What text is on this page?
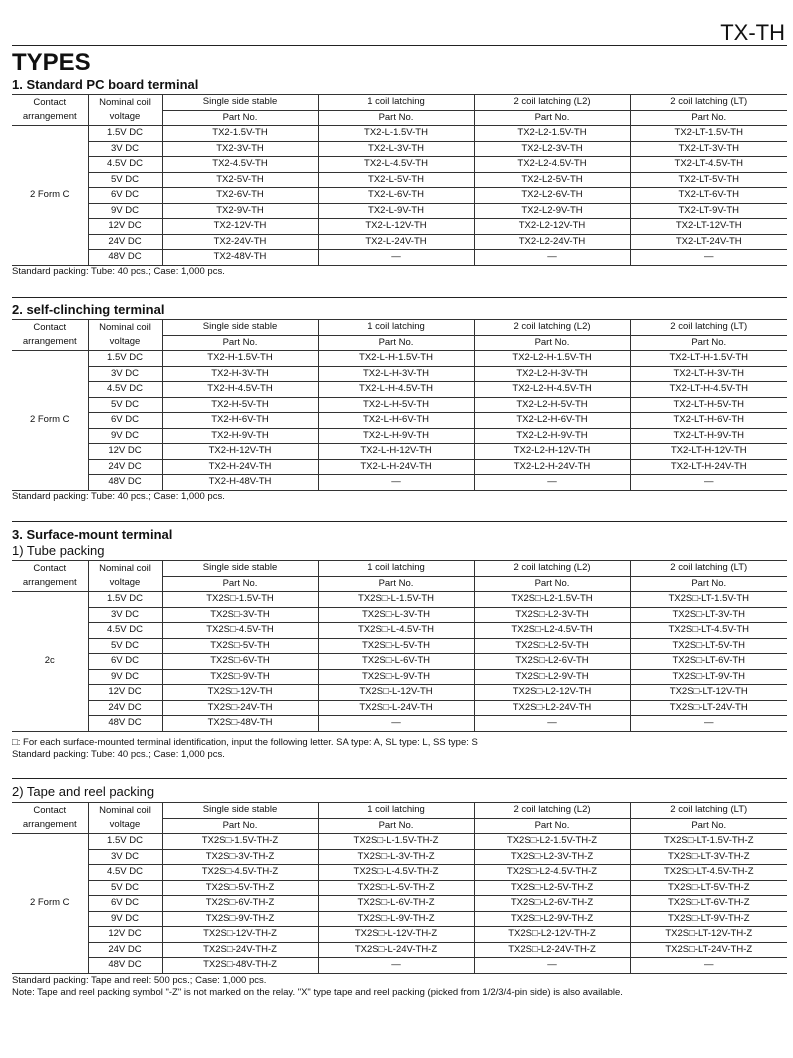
TX-TH
TYPES
1. Standard PC board terminal
Contact arrangement	Nominal coil voltage	Single side stable	1 coil latching	2 coil latching (L2)	2 coil latching (LT)
		Part No.	Part No.	Part No.	Part No.
2 Form C	1.5V DC	TX2-1.5V-TH	TX2-L-1.5V-TH	TX2-L2-1.5V-TH	TX2-LT-1.5V-TH
	3V DC	TX2-3V-TH	TX2-L-3V-TH	TX2-L2-3V-TH	TX2-LT-3V-TH
	4.5V DC	TX2-4.5V-TH	TX2-L-4.5V-TH	TX2-L2-4.5V-TH	TX2-LT-4.5V-TH
	5V DC	TX2-5V-TH	TX2-L-5V-TH	TX2-L2-5V-TH	TX2-LT-5V-TH
	6V DC	TX2-6V-TH	TX2-L-6V-TH	TX2-L2-6V-TH	TX2-LT-6V-TH
	9V DC	TX2-9V-TH	TX2-L-9V-TH	TX2-L2-9V-TH	TX2-LT-9V-TH
	12V DC	TX2-12V-TH	TX2-L-12V-TH	TX2-L2-12V-TH	TX2-LT-12V-TH
	24V DC	TX2-24V-TH	TX2-L-24V-TH	TX2-L2-24V-TH	TX2-LT-24V-TH
	48V DC	TX2-48V-TH	—	—	—
Standard packing: Tube: 40 pcs.; Case: 1,000 pcs.
2. self-clinching terminal
Contact arrangement	Nominal coil voltage	Single side stable	1 coil latching	2 coil latching (L2)	2 coil latching (LT)
		Part No.	Part No.	Part No.	Part No.
2 Form C	1.5V DC	TX2-H-1.5V-TH	TX2-L-H-1.5V-TH	TX2-L2-H-1.5V-TH	TX2-LT-H-1.5V-TH
	3V DC	TX2-H-3V-TH	TX2-L-H-3V-TH	TX2-L2-H-3V-TH	TX2-LT-H-3V-TH
	4.5V DC	TX2-H-4.5V-TH	TX2-L-H-4.5V-TH	TX2-L2-H-4.5V-TH	TX2-LT-H-4.5V-TH
	5V DC	TX2-H-5V-TH	TX2-L-H-5V-TH	TX2-L2-H-5V-TH	TX2-LT-H-5V-TH
	6V DC	TX2-H-6V-TH	TX2-L-H-6V-TH	TX2-L2-H-6V-TH	TX2-LT-H-6V-TH
	9V DC	TX2-H-9V-TH	TX2-L-H-9V-TH	TX2-L2-H-9V-TH	TX2-LT-H-9V-TH
	12V DC	TX2-H-12V-TH	TX2-L-H-12V-TH	TX2-L2-H-12V-TH	TX2-LT-H-12V-TH
	24V DC	TX2-H-24V-TH	TX2-L-H-24V-TH	TX2-L2-H-24V-TH	TX2-LT-H-24V-TH
	48V DC	TX2-H-48V-TH	—	—	—
Standard packing: Tube: 40 pcs.; Case: 1,000 pcs.
3. Surface-mount terminal
1) Tube packing
Contact arrangement	Nominal coil voltage	Single side stable	1 coil latching	2 coil latching (L2)	2 coil latching (LT)
		Part No.	Part No.	Part No.	Part No.
2c	1.5V DC	TX2S□-1.5V-TH	TX2S□-L-1.5V-TH	TX2S□-L2-1.5V-TH	TX2S□-LT-1.5V-TH
	3V DC	TX2S□-3V-TH	TX2S□-L-3V-TH	TX2S□-L2-3V-TH	TX2S□-LT-3V-TH
	4.5V DC	TX2S□-4.5V-TH	TX2S□-L-4.5V-TH	TX2S□-L2-4.5V-TH	TX2S□-LT-4.5V-TH
	5V DC	TX2S□-5V-TH	TX2S□-L-5V-TH	TX2S□-L2-5V-TH	TX2S□-LT-5V-TH
	6V DC	TX2S□-6V-TH	TX2S□-L-6V-TH	TX2S□-L2-6V-TH	TX2S□-LT-6V-TH
	9V DC	TX2S□-9V-TH	TX2S□-L-9V-TH	TX2S□-L2-9V-TH	TX2S□-LT-9V-TH
	12V DC	TX2S□-12V-TH	TX2S□-L-12V-TH	TX2S□-L2-12V-TH	TX2S□-LT-12V-TH
	24V DC	TX2S□-24V-TH	TX2S□-L-24V-TH	TX2S□-L2-24V-TH	TX2S□-LT-24V-TH
	48V DC	TX2S□-48V-TH	—	—	—
□: For each surface-mounted terminal identification, input the following letter. SA type: A, SL type: L, SS type: S
Standard packing: Tube: 40 pcs.; Case: 1,000 pcs.
2) Tape and reel packing
Contact arrangement	Nominal coil voltage	Single side stable	1 coil latching	2 coil latching (L2)	2 coil latching (LT)
		Part No.	Part No.	Part No.	Part No.
2 Form C	1.5V DC	TX2S□-1.5V-TH-Z	TX2S□-L-1.5V-TH-Z	TX2S□-L2-1.5V-TH-Z	TX2S□-LT-1.5V-TH-Z
	3V DC	TX2S□-3V-TH-Z	TX2S□-L-3V-TH-Z	TX2S□-L2-3V-TH-Z	TX2S□-LT-3V-TH-Z
	4.5V DC	TX2S□-4.5V-TH-Z	TX2S□-L-4.5V-TH-Z	TX2S□-L2-4.5V-TH-Z	TX2S□-LT-4.5V-TH-Z
	5V DC	TX2S□-5V-TH-Z	TX2S□-L-5V-TH-Z	TX2S□-L2-5V-TH-Z	TX2S□-LT-5V-TH-Z
	6V DC	TX2S□-6V-TH-Z	TX2S□-L-6V-TH-Z	TX2S□-L2-6V-TH-Z	TX2S□-LT-6V-TH-Z
	9V DC	TX2S□-9V-TH-Z	TX2S□-L-9V-TH-Z	TX2S□-L2-9V-TH-Z	TX2S□-LT-9V-TH-Z
	12V DC	TX2S□-12V-TH-Z	TX2S□-L-12V-TH-Z	TX2S□-L2-12V-TH-Z	TX2S□-LT-12V-TH-Z
	24V DC	TX2S□-24V-TH-Z	TX2S□-L-24V-TH-Z	TX2S□-L2-24V-TH-Z	TX2S□-LT-24V-TH-Z
	48V DC	TX2S□-48V-TH-Z	—	—	—
Standard packing: Tape and reel: 500 pcs.; Case: 1,000 pcs.
Note: Tape and reel packing symbol "-Z" is not marked on the relay. "X" type tape and reel packing (picked from 1/2/3/4-pin side) is also available.
